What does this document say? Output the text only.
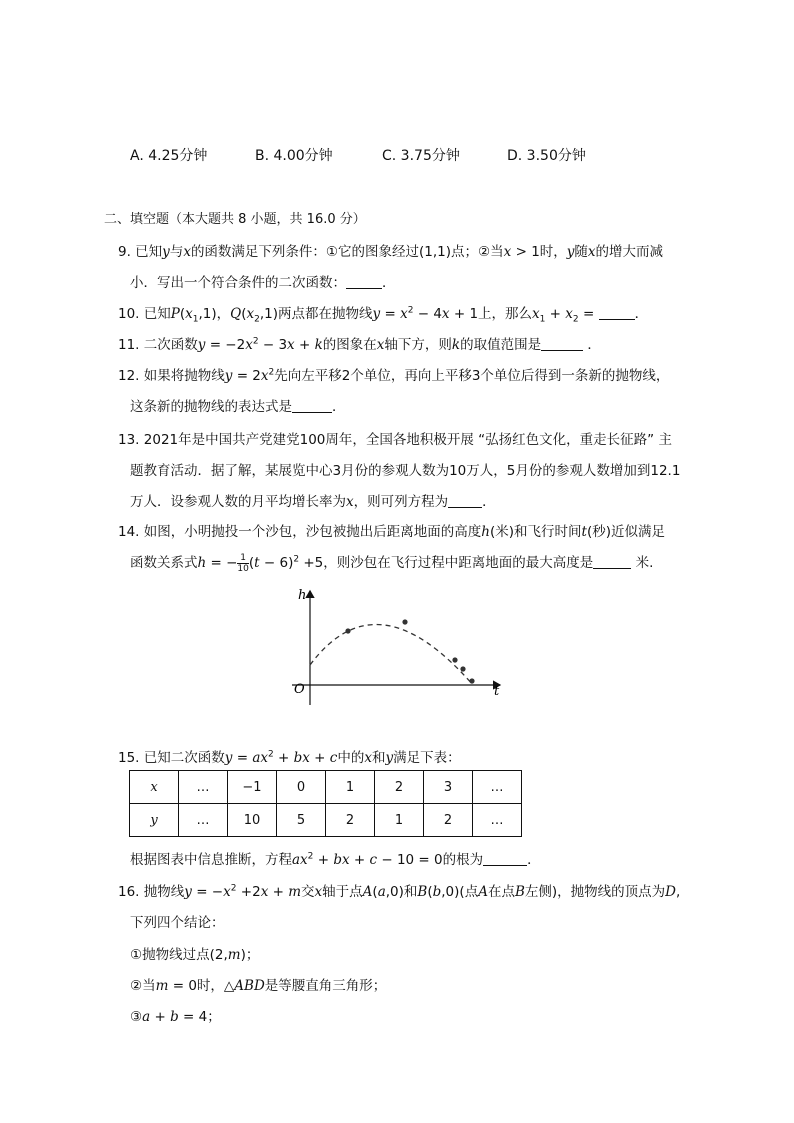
A. 4.25分钟	B. 4.00分钟	C. 3.75分钟	D. 3.50分钟
二、填空题（本大题共 8 小题，共 16.0 分）
9. 已知y与x的函数满足下列条件：①它的图象经过(1,1)点；②当x > 1时，y随x的增大而减
小．写出一个符合条件的二次函数：	．
10. 已知$P(x_1,1)$，$Q(x_2,1)$两点都在抛物线$y = x^2 - 4x + 1$上，那么$x_1 + x_2$ =	．
11. 二次函数$y = -2x^2 - 3x + k$的图象在x轴下方，则k的取值范围是	．
12. 如果将抛物线$y = 2x^2$先向左平移2个单位，再向上平移3个单位后得到一条新的抛物线，
这条新的抛物线的表达式是	．
13. 2021年是中国共产党建党100周年，全国各地积极开展 “弘扬红色文化，重走长征路” 主
题教育活动．据了解，某展览中心3月份的参观人数为10万人，5月份的参观人数增加到12.1
万人．设参观人数的月平均增长率为x，则可列方程为	．
14. 如图，小明抛投一个沙包，沙包被抛出后距离地面的高度h(米)和飞行时间t(秒)近似满足
函数关系式h = − $\frac{1}{10} (t - 6)^2 +5$，则沙包在飞行过程中距离地面的最大高度是	米.
h
t
O
15. 已知二次函数$y = ax^2$ + bx + c中的x和y满足下表：
x	…	−1	0	1	2	3	…
y	…	10	5	2	1	2	…
根据图表中信息推断，方程$ax^2$ + bx + c − 10 = 0的根为	．
16. 抛物线$y = -x^2 +2x + m$交x轴于点A(a,0)和B(b,0)(点A在点B左侧)，抛物线的顶点为D,
下列四个结论：
①抛物线过点(2,m)；
②当m = 0时，△ABD是等腰直角三角形；
③a + b = 4；
